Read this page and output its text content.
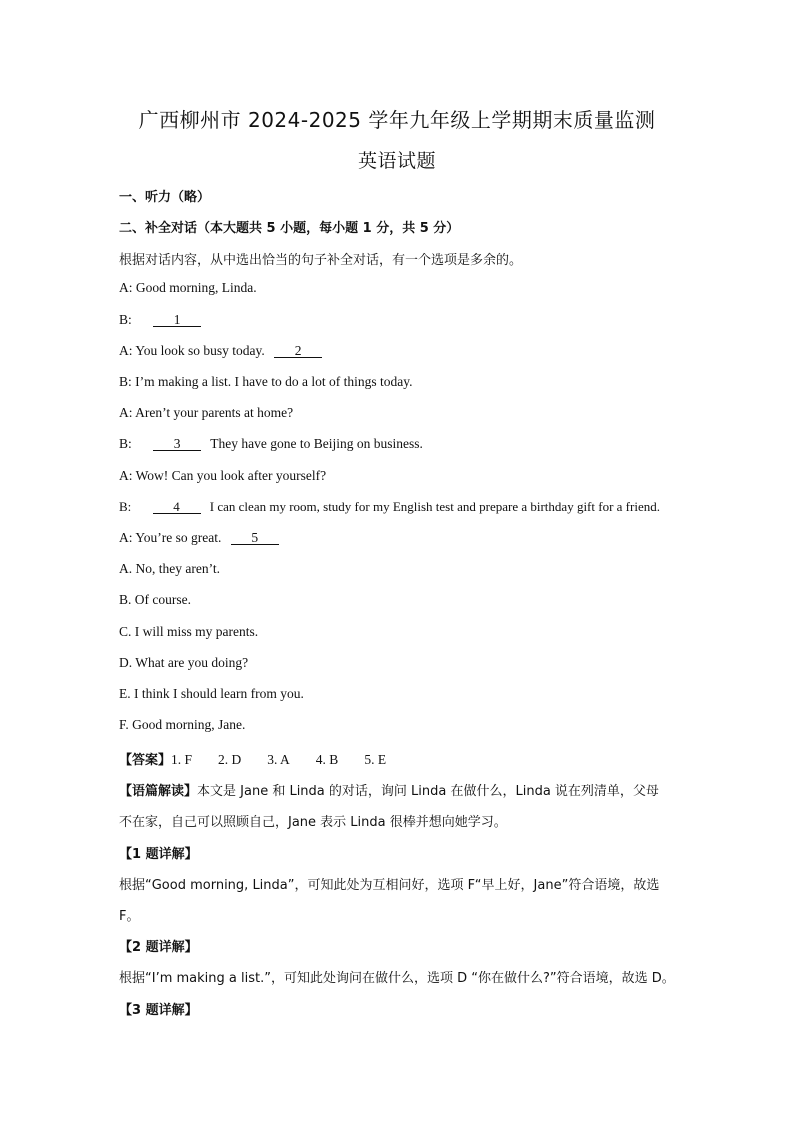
广西柳州市 2024-2025 学年九年级上学期期末质量监测
英语试题
一、听力（略）
二、补全对话（本大题共 5 小题，每小题 1 分，共 5 分）
根据对话内容，从中选出恰当的句子补全对话，有一个选项是多余的。
A: Good morning, Linda.
B:	1
A: You look so busy today. 2
B: I’m making a list. I have to do a lot of things today.
A: Aren’t your parents at home?
B:	3 They have gone to Beijing on business.
A: Wow! Can you look after yourself?
B:	4 I can clean my room, study for my English test and prepare a birthday gift for a friend.
A: You’re so great. 5
A. No, they aren’t.
B. Of course.
C. I will miss my parents.
D. What are you doing?
E. I think I should learn from you.
F. Good morning, Jane.
【答案】1. F 2. D 3. A 4. B 5. E
【语篇解读】本文是 Jane 和 Linda 的对话，询问 Linda 在做什么，Linda 说在列清单，父母
不在家，自己可以照顾自己，Jane 表示 Linda 很棒并想向她学习。
【1 题详解】
根据“Good morning, Linda”，可知此处为互相问好，选项 F“早上好，Jane”符合语境，故选
F。
【2 题详解】
根据“I’m making a list.”，可知此处询问在做什么，选项 D “你在做什么?”符合语境，故选 D。
【3 题详解】
